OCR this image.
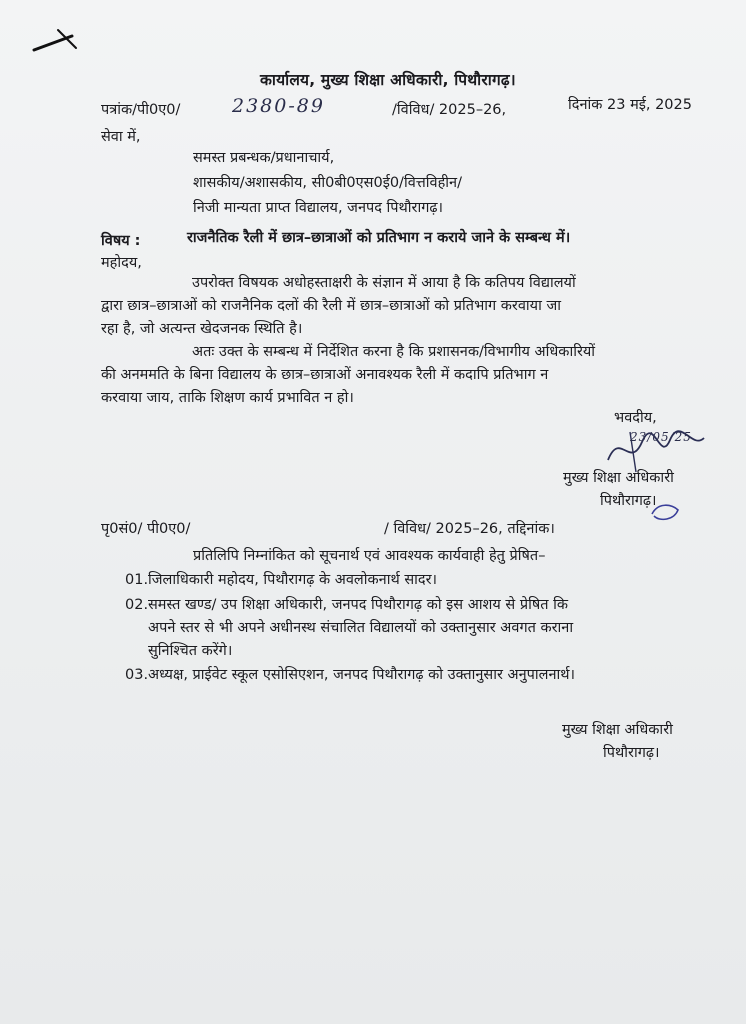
कार्यालय, मुख्य शिक्षा अधिकारी, पिथौरागढ़।
पत्रांक/पी0ए0/	2380-89	/विविध/ 2025–26,	दिनांक 23 मई, 2025
सेवा में,
समस्त प्रबन्धक/प्रधानाचार्य,
शासकीय/अशासकीय, सी0बी0एस0ई0/वित्तविहीन/
निजी मान्यता प्राप्त विद्यालय, जनपद पिथौरागढ़।
विषय :	राजनैतिक रैली में छात्र–छात्राओं को प्रतिभाग न कराये जाने के सम्बन्ध में।
महोदय,
उपरोक्त विषयक अधोहस्ताक्षरी के संज्ञान में आया है कि कतिपय विद्यालयों
द्वारा छात्र–छात्राओं को राजनैनिक दलों की रैली में छात्र–छात्राओं को प्रतिभाग करवाया जा
रहा है, जो अत्यन्त खेदजनक स्थिति है।
अतः उक्त के सम्बन्ध में निर्देशित करना है कि प्रशासनक/विभागीय अधिकारियों
की अनममति के बिना विद्यालय के छात्र–छात्राओं अनावश्यक रैली में कदापि प्रतिभाग न
करवाया जाय, ताकि शिक्षण कार्य प्रभावित न हो।
भवदीय,
23/05/25
मुख्य शिक्षा अधिकारी
पिथौरागढ़।
पृ0सं0/ पी0ए0/	/ विविध/ 2025–26, तद्दिनांक।
प्रतिलिपि निम्नांकित को सूचनार्थ एवं आवश्यक कार्यवाही हेतु प्रेषित–
01. जिलाधिकारी महोदय, पिथौरागढ़ के अवलोकनार्थ सादर।
02. समस्त खण्ड/ उप शिक्षा अधिकारी, जनपद पिथौरागढ़ को इस आशय से प्रेषित कि
अपने स्तर से भी अपने अधीनस्थ संचालित विद्यालयों को उक्तानुसार अवगत कराना
सुनिश्चित करेंगे।
03. अध्यक्ष, प्राईवेट स्कूल एसोसिएशन, जनपद पिथौरागढ़ को उक्तानुसार अनुपालनार्थ।
मुख्य शिक्षा अधिकारी
पिथौरागढ़।
